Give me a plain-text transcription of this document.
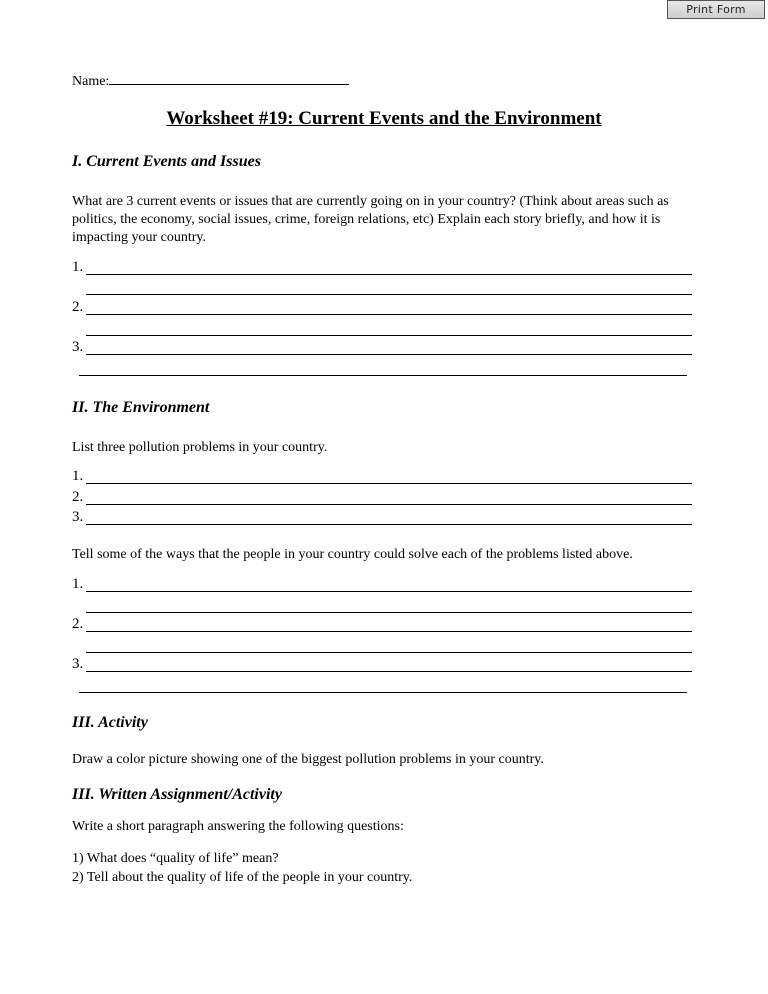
Print Form
Name:
Worksheet #19: Current Events and the Environment
I. Current Events and Issues
What are 3 current events or issues that are currently going on in your country? (Think about areas such as politics, the economy, social issues, crime, foreign relations, etc) Explain each story briefly, and how it is impacting your country.
1.
2.
3.
II. The Environment
List three pollution problems in your country.
1.
2.
3.
Tell some of the ways that the people in your country could solve each of the problems listed above.
1.
2.
3.
III. Activity
Draw a color picture showing one of the biggest pollution problems in your country.
III. Written Assignment/Activity
Write a short paragraph answering the following questions:
1) What does “quality of life” mean?
2) Tell about the quality of life of the people in your country.
